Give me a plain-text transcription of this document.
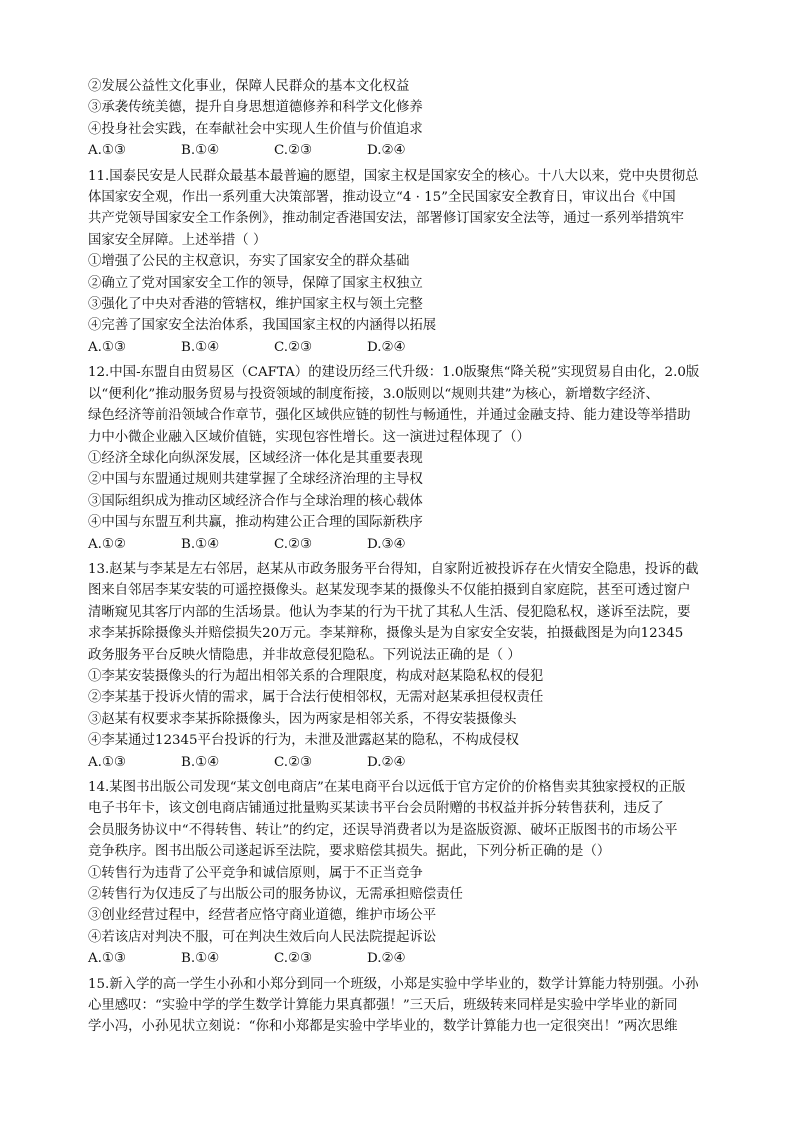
②发展公益性文化事业，保障人民群众的基本文化权益
③承袭传统美德，提升自身思想道德修养和科学文化修养
④投身社会实践，在奉献社会中实现人生价值与价值追求
A.①③	B.①④	C.②③	D.②④
11.国泰民安是人民群众最基本最普遍的愿望，国家主权是国家安全的核心。十八大以来，党中央贯彻总
体国家安全观，作出一系列重大决策部署，推动设立“4 · 15”全民国家安全教育日，审议出台《中国
共产党领导国家安全工作条例》，推动制定香港国安法，部署修订国家安全法等，通过一系列举措筑牢
国家安全屏障。上述举措（ ）
①增强了公民的主权意识，夯实了国家安全的群众基础
②确立了党对国家安全工作的领导，保障了国家主权独立
③强化了中央对香港的管辖权，维护国家主权与领土完整
④完善了国家安全法治体系，我国国家主权的内涵得以拓展
A.①③	B.①④	C.②③	D.②④
12.中国-东盟自由贸易区（CAFTA）的建设历经三代升级：1.0版聚焦“降关税”实现贸易自由化，2.0版
以“便利化”推动服务贸易与投资领域的制度衔接，3.0版则以“规则共建”为核心，新增数字经济、
绿色经济等前沿领域合作章节，强化区域供应链的韧性与畅通性，并通过金融支持、能力建设等举措助
力中小微企业融入区域价值链，实现包容性增长。这一演进过程体现了（）
①经济全球化向纵深发展，区域经济一体化是其重要表现
②中国与东盟通过规则共建掌握了全球经济治理的主导权
③国际组织成为推动区域经济合作与全球治理的核心载体
④中国与东盟互利共赢，推动构建公正合理的国际新秩序
A.①②	B.①④	C.②③	D.③④
13.赵某与李某是左右邻居，赵某从市政务服务平台得知，自家附近被投诉存在火情安全隐患，投诉的截
图来自邻居李某安装的可遥控摄像头。赵某发现李某的摄像头不仅能拍摄到自家庭院，甚至可透过窗户
清晰窥见其客厅内部的生活场景。他认为李某的行为干扰了其私人生活、侵犯隐私权，遂诉至法院，要
求李某拆除摄像头并赔偿损失20万元。李某辩称，摄像头是为自家安全安装，拍摄截图是为向12345
政务服务平台反映火情隐患，并非故意侵犯隐私。下列说法正确的是（ ）
①李某安装摄像头的行为超出相邻关系的合理限度，构成对赵某隐私权的侵犯
②李某基于投诉火情的需求，属于合法行使相邻权，无需对赵某承担侵权责任
③赵某有权要求李某拆除摄像头，因为两家是相邻关系，不得安装摄像头
④李某通过12345平台投诉的行为，未泄及泄露赵某的隐私，不构成侵权
A.①③	B.①④	C.②③	D.②④
14.某图书出版公司发现“某文创电商店”在某电商平台以远低于官方定价的价格售卖其独家授权的正版
电子书年卡，该文创电商店铺通过批量购买某读书平台会员附赠的书权益并拆分转售获利，违反了
会员服务协议中“不得转售、转让”的约定，还误导消费者以为是盗版资源、破坏正版图书的市场公平
竞争秩序。图书出版公司遂起诉至法院，要求赔偿其损失。据此，下列分析正确的是（）
①转售行为违背了公平竞争和诚信原则，属于不正当竞争
②转售行为仅违反了与出版公司的服务协议，无需承担赔偿责任
③创业经营过程中，经营者应恪守商业道德，维护市场公平
④若该店对判决不服，可在判决生效后向人民法院提起诉讼
A.①③	B.①④	C.②③	D.②④
15.新入学的高一学生小孙和小郑分到同一个班级，小郑是实验中学毕业的，数学计算能力特别强。小孙
心里感叹：“实验中学的学生数学计算能力果真都强！”三天后，班级转来同样是实验中学毕业的新同
学小冯，小孙见状立刻说：“你和小郑都是实验中学毕业的，数学计算能力也一定很突出！”两次思维
